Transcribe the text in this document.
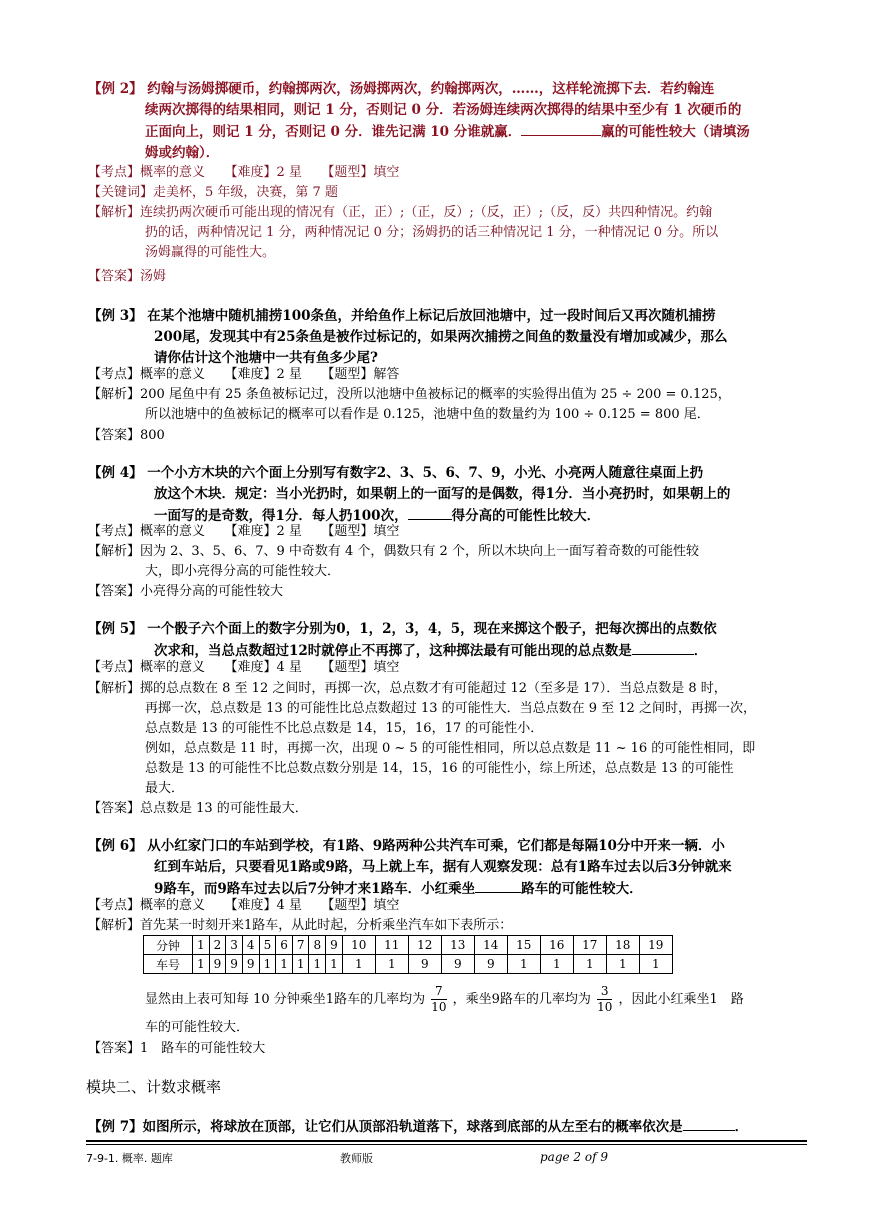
【例 2】 约翰与汤姆掷硬币，约翰掷两次，汤姆掷两次，约翰掷两次，……，这样轮流掷下去．若约翰连
续两次掷得的结果相同，则记 1 分，否则记 0 分．若汤姆连续两次掷得的结果中至少有 1 次硬币的
正面向上，则记 1 分，否则记 0 分．谁先记满 10 分谁就赢．	赢的可能性较大（请填汤
姆或约翰）．
【考点】概率的意义　　【难度】2 星　　【题型】填空
【关键词】走美杯，5 年级，决赛，第 7 题
【解析】连续扔两次硬币可能出现的情况有（正，正）;（正，反）;（反，正）;（反，反）共四种情况。约翰
扔的话，两种情况记 1 分，两种情况记 0 分；汤姆扔的话三种情况记 1 分，一种情况记 0 分。所以
汤姆赢得的可能性大。
【答案】汤姆
【例 3】 在某个池塘中随机捕捞100条鱼，并给鱼作上标记后放回池塘中，过一段时间后又再次随机捕捞
200尾，发现其中有25条鱼是被作过标记的，如果两次捕捞之间鱼的数量没有增加或减少，那么
请你估计这个池塘中一共有鱼多少尾?
【考点】概率的意义　　【难度】2 星　　【题型】解答
【解析】200 尾鱼中有 25 条鱼被标记过，没所以池塘中鱼被标记的概率的实验得出值为 25 ÷ 200 = 0.125，
所以池塘中的鱼被标记的概率可以看作是 0.125，池塘中鱼的数量约为 100 ÷ 0.125 = 800 尾．
【答案】800
【例 4】 一个小方木块的六个面上分别写有数字2、3、5、6、7、9，小光、小亮两人随意往桌面上扔
放这个木块．规定：当小光扔时，如果朝上的一面写的是偶数，得1分．当小亮扔时，如果朝上的
一面写的是奇数，得1分．每人扔100次，	得分高的可能性比较大．
【考点】概率的意义　　【难度】2 星　　【题型】填空
【解析】因为 2、3、5、6、7、9 中奇数有 4 个，偶数只有 2 个，所以木块向上一面写着奇数的可能性较
大，即小亮得分高的可能性较大．
【答案】小亮得分高的可能性较大
【例 5】 一个骰子六个面上的数字分别为0，1，2，3，4，5，现在来掷这个骰子，把每次掷出的点数依
次求和，当总点数超过12时就停止不再掷了，这种掷法最有可能出现的总点数是	．
【考点】概率的意义　　【难度】4 星　　【题型】填空
【解析】掷的总点数在 8 至 12 之间时，再掷一次，总点数才有可能超过 12（至多是 17）．当总点数是 8 时，
再掷一次，总点数是 13 的可能性比总点数超过 13 的可能性大．当总点数在 9 至 12 之间时，再掷一次，
总点数是 13 的可能性不比总点数是 14，15，16，17 的可能性小．
例如，总点数是 11 时，再掷一次，出现 0 ~ 5 的可能性相同，所以总点数是 11 ~ 16 的可能性相同，即
总数是 13 的可能性不比总数点数分别是 14，15，16 的可能性小，综上所述，总点数是 13 的可能性
最大．
【答案】总点数是 13 的可能性最大．
【例 6】 从小红家门口的车站到学校，有1路、9路两种公共汽车可乘，它们都是每隔10分中开来一辆．小
红到车站后，只要看见1路或9路，马上就上车，据有人观察发现：总有1路车过去以后3分钟就来
9路车，而9路车过去以后7分钟才来1路车．小红乘坐	路车的可能性较大．
【考点】概率的意义　　【难度】4 星　　【题型】填空
【解析】首先某一时刻开来1路车，从此时起，分析乘坐汽车如下表所示：
分钟	1	2	3	4	5	6	7	8	9	10	11	12	13	14	15	16	17	18	19
车号	1	9	9	9	1	1	1	1	1	1	1	9	9	9	1	1	1	1	1
显然由上表可知每 10 分钟乘坐1路车的几率均为 $\frac{7}{10}$ ，乘坐9路车的几率均为 $\frac{3}{10}$ ，因此小红乘坐1　路
车的可能性较大．
【答案】1　路车的可能性较大
模块二、计数求概率
【例 7】如图所示，将球放在顶部，让它们从顶部沿轨道落下，球落到底部的从左至右的概率依次是	．
7-9-1. 概率. 题库	教师版	page 2 of 9
